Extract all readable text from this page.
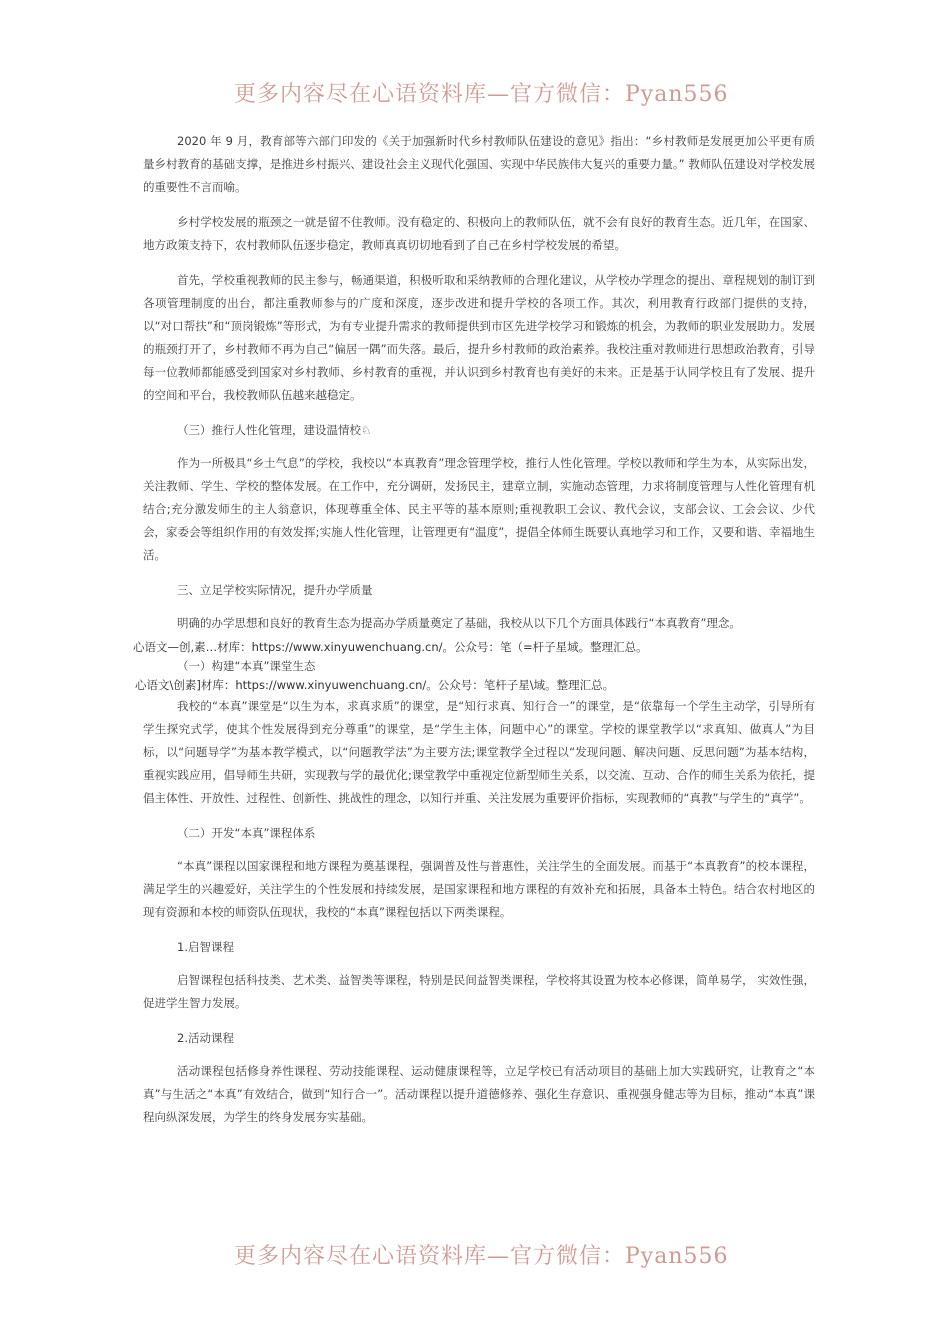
更多内容尽在心语资料库—官方微信：Pyan556

2020 年 9 月，教育部等六部门印发的《关于加强新时代乡村教师队伍建设的意见》指出：“乡村教师是发展更加公平更有质量乡村教育的基础支撑，是推进乡村振兴、建设社会主义现代化强国、实现中华民族伟大复兴的重要力量。” 教师队伍建设对学校发展的重要性不言而喻。

乡村学校发展的瓶颈之一就是留不住教师。没有稳定的、积极向上的教师队伍，就不会有良好的教育生态。近几年，在国家、地方政策支持下，农村教师队伍逐步稳定，教师真真切切地看到了自己在乡村学校发展的希望。

首先，学校重视教师的民主参与，畅通渠道，积极听取和采纳教师的合理化建议，从学校办学理念的提出、章程规划的制订到各项管理制度的出台，都注重教师参与的广度和深度，逐步改进和提升学校的各项工作。其次，利用教育行政部门提供的支持，以“对口帮扶”和“顶岗锻炼”等形式，为有专业提升需求的教师提供到市区先进学校学习和锻炼的机会，为教师的职业发展助力。发展的瓶颈打开了，乡村教师不再为自己“偏居一隅”而失落。最后，提升乡村教师的政治素养。我校注重对教师进行思想政治教育，引导每一位教师都能感受到国家对乡村教师、乡村教育的重视，并认识到乡村教育也有美好的未来。正是基于认同学校且有了发展、提升的空间和平台，我校教师队伍越来越稳定。

（三）推行人性化管理，建设温情校♘

作为一所极具“乡土气息”的学校，我校以“本真教育”理念管理学校，推行人性化管理。学校以教师和学生为本，从实际出发，关注教师、学生、学校的整体发展。在工作中，充分调研，发扬民主，建章立制，实施动态管理，力求将制度管理与人性化管理有机结合;充分激发师生的主人翁意识，体现尊重全体、民主平等的基本原则;重视教职工会议、教代会议，支部会议、工会会议、少代会，家委会等组织作用的有效发挥;实施人性化管理，让管理更有“温度”，提倡全体师生既要认真地学习和工作，又要和谐、幸福地生活。

三、立足学校实际情况，提升办学质量

明确的办学思想和良好的教育生态为提高办学质量奠定了基础，我校从以下几个方面具体践行“本真教育”理念。

心语文—创,素…材库：https://www.xinyuwenchuang.cn/。公众号：笔（=杆子星域。整理汇总。

（一）构建“本真”课堂生态

心语文\创素]材库：https://www.xinyuwenchuang.cn/。公众号：笔杆子星\域。整理汇总。

我校的“本真”课堂是“以生为本，求真求质”的课堂，是“知行求真、知行合一”的课堂，是“依靠每一个学生主动学，引导所有学生探究式学，使其个性发展得到充分尊重”的课堂，是“学生主体，问题中心”的课堂。学校的课堂教学以“求真知、做真人”为目标，以“问题导学”为基本教学模式，以“问题教学法”为主要方法;课堂教学全过程以“发现问题、解决问题、反思问题”为基本结构，重视实践应用，倡导师生共研，实现教与学的最优化;课堂教学中重视定位新型师生关系，以交流、互动、合作的师生关系为依托，提倡主体性、开放性、过程性、创新性、挑战性的理念，以知行并重、关注发展为重要评价指标，实现教师的“真教”与学生的“真学”。

（二）开发“本真”课程体系

“本真”课程以国家课程和地方课程为奠基课程，强调普及性与普惠性，关注学生的全面发展。而基于“本真教育”的校本课程，满足学生的兴趣爱好，关注学生的个性发展和持续发展，是国家课程和地方课程的有效补充和拓展，具备本土特色。结合农村地区的现有资源和本校的师资队伍现状，我校的“本真”课程包括以下两类课程。

1.启智课程

启智课程包括科技类、艺术类、益智类等课程，特别是民间益智类课程，学校将其设置为校本必修课，简单易学， 实效性强，促进学生智力发展。

2.活动课程

活动课程包括修身养性课程、劳动技能课程、运动健康课程等，立足学校已有活动项目的基础上加大实践研究，让教育之“本真”与生活之“本真”有效结合，做到“知行合一”。活动课程以提升道德修养、强化生存意识、重视强身健志等为目标，推动“本真”课程向纵深发展，为学生的终身发展夯实基础。

更多内容尽在心语资料库—官方微信：Pyan556
